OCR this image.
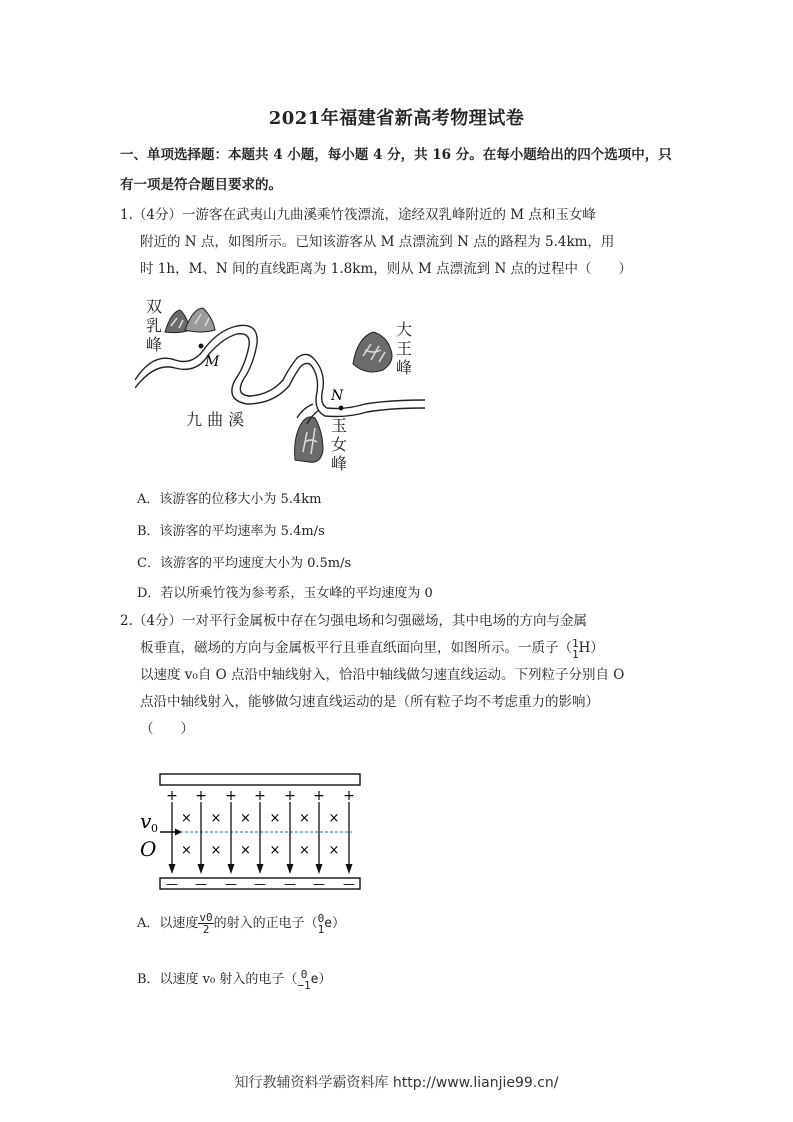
2021年福建省新高考物理试卷
一、单项选择题：本题共 4 小题，每小题 4 分，共 16 分。在每小题给出的四个选项中，只有一项是符合题目要求的。
1.（4分）一游客在武夷山九曲溪乘竹筏漂流，途经双乳峰附近的 M 点和玉女峰
附近的 N 点，如图所示。已知该游客从 M 点漂流到 N 点的路程为 5.4km，用
时 1h，M、N 间的直线距离为 1.8km，则从 M 点漂流到 N 点的过程中（　　）
M
N
双
乳
峰
大
王
峰
玉
女
峰
九 曲 溪
A．该游客的位移大小为 5.4km
B．该游客的平均速率为 5.4m/s
C．该游客的平均速度大小为 0.5m/s
D．若以所乘竹筏为参考系，玉女峰的平均速度为 0
2.（4分）一对平行金属板中存在匀强电场和匀强磁场，其中电场的方向与金属
板垂直，磁场的方向与金属板平行且垂直纸面向里，如图所示。一质子（ 1
1 H）
以速度 v₀自 O 点沿中轴线射入，恰沿中轴线做匀速直线运动。下列粒子分别自 O
点沿中轴线射入，能够做匀速直线运动的是（所有粒子均不考虑重力的影响）
（　　）
+
—
×
×
+
—
×
×
+
—
×
×
+
—
×
×
+
—
×
×
+
—
×
×
+
—
v 0
O
A．以速度 $\frac{v0}{2}$ 的射入的正电子（ 0
1 e）
B．以速度 v₀ 射入的电子（ 0
−1 e）
知行教辅资料学霸资料库 http://www.lianjie99.cn/
